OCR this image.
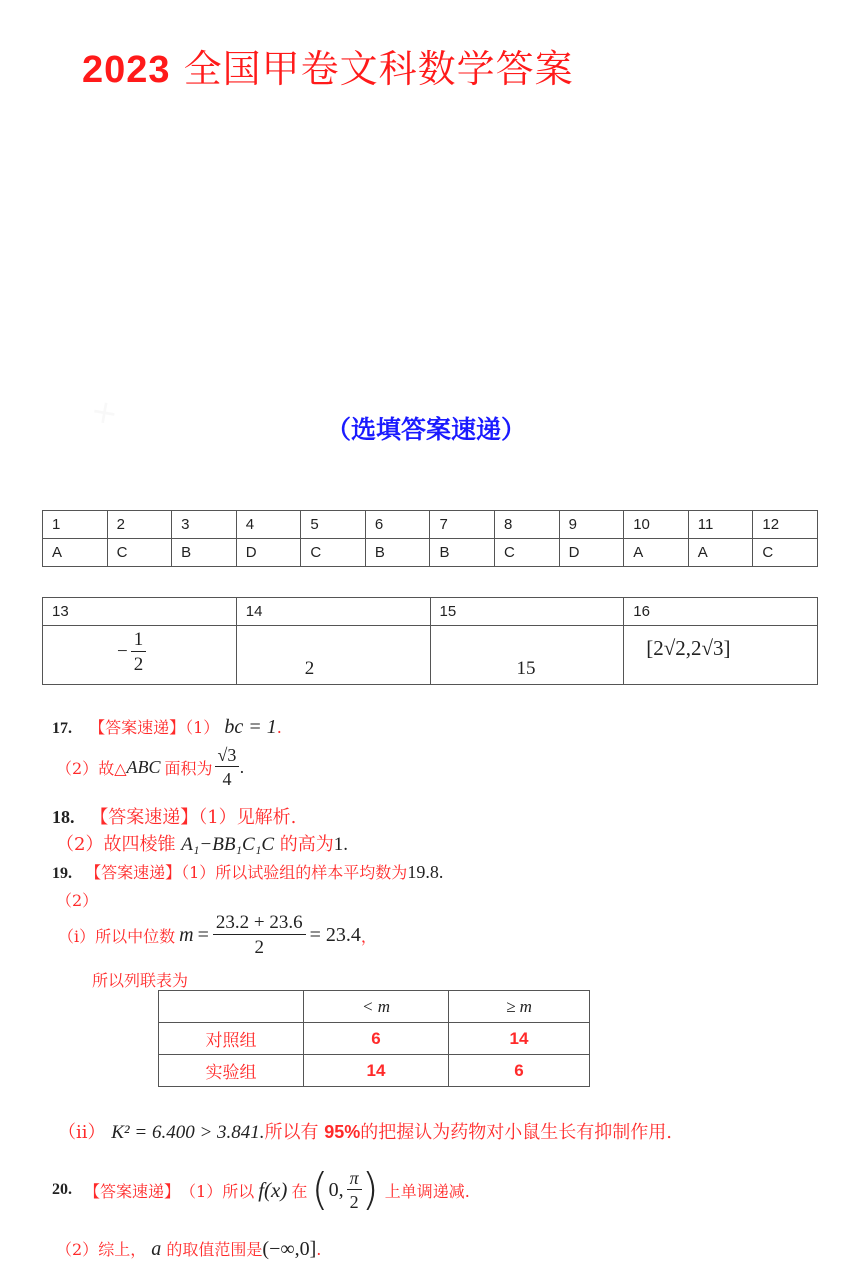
2023 全国甲卷文科数学答案
✕	（选填答案速递）
1	2	3	4	5	6	7	8	9	10	11	12
A	C	B	D	C	B	B	C	D	A	A	C
13	14	15	16

− $\frac{1}{2}$	2	15	[2√2,2√3]
17. 【答案速递】（1） bc = 1.
（2） 故△ ABC 面积为 $\frac{√3}{4}$ .
18. 【答案速递】（1）见解析.
（2）故四棱锥 A₁−BB₁C₁C 的高为1.
19. 【答案速递】（1）所以试验组的样本平均数为19.8.
（2）
（i） 所以中位数 $m = \frac{23.2 + 23.6}{2} = 23.4$ ，
所以列联表为
	< m	≥ m
对照组	6	14
实验组	14	6
（ii） K² = 6.400 > 3.841.所以有 95%的把握认为药物对小鼠生长有抑制作用.
20. 【答案速递】 （1） 所以 f(x) 在 ( 0, $\frac{\pi}{2}$ ) 上单调递减.
（2）综上， a 的取值范围是(−∞,0].
